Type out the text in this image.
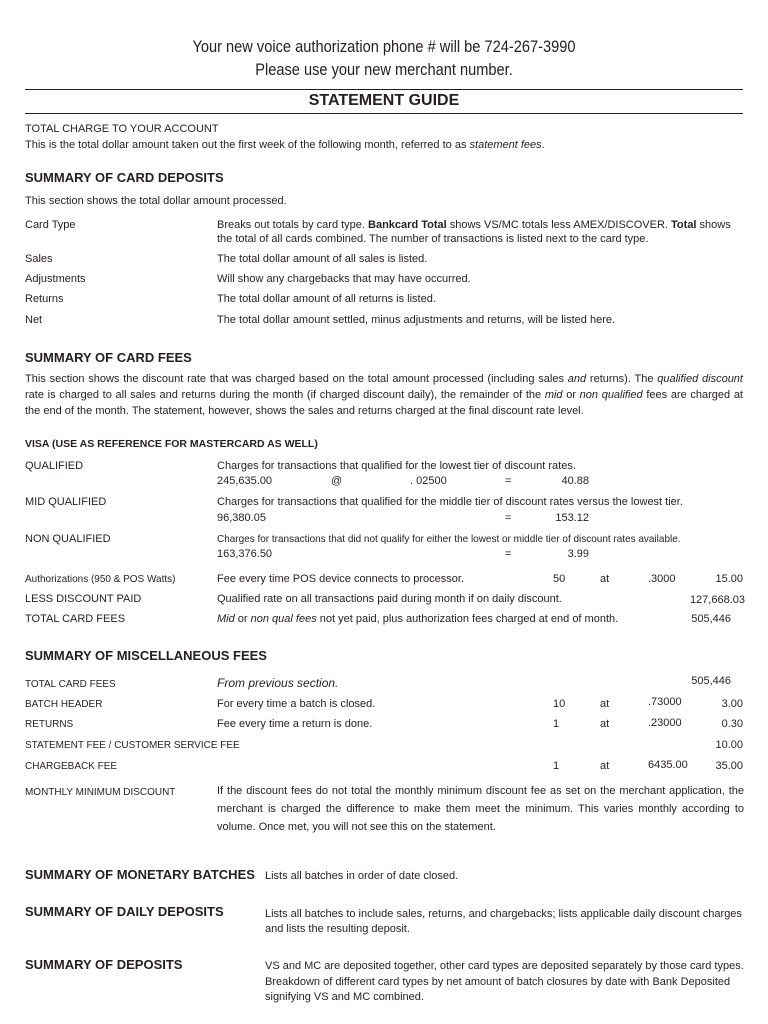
Your new voice authorization phone # will be 724-267-3990
Please use your new merchant number.
STATEMENT GUIDE
TOTAL CHARGE TO YOUR ACCOUNT
This is the total dollar amount taken out the first week of the following month, referred to as statement fees.
SUMMARY OF CARD DEPOSITS
This section shows the total dollar amount processed.
Card Type	Breaks out totals by card type. Bankcard Total shows VS/MC totals less AMEX/DISCOVER. Total shows
the total of all cards combined. The number of transactions is listed next to the card type.
Sales	The total dollar amount of all sales is listed.
Adjustments	Will show any chargebacks that may have occurred.
Returns	The total dollar amount of all returns is listed.
Net	The total dollar amount settled, minus adjustments and returns, will be listed here.
SUMMARY OF CARD FEES
This section shows the discount rate that was charged based on the total amount processed (including sales and returns). The qualified discount rate is charged to all sales and returns during the month (if charged discount daily), the remainder of the mid or non qualified fees are charged at the end of the month. The statement, however, shows the sales and returns charged at the final discount rate level.
VISA (USE AS REFERENCE FOR MASTERCARD AS WELL)
QUALIFIED	Charges for transactions that qualified for the lowest tier of discount rates.
245,635.00	@	. 02500	=	40.88
MID QUALIFIED	Charges for transactions that qualified for the middle tier of discount rates versus the lowest tier.
96,380.05	=	153.12
NON QUALIFIED	Charges for transactions that did not qualify for either the lowest or middle tier of discount rates available.
163,376.50	=	3.99
Authorizations (950 & POS Watts)	Fee every time POS device connects to processor.	50	at	.3000	15.00
LESS DISCOUNT PAID	Qualified rate on all transactions paid during month if on daily discount.	127,668.03
TOTAL CARD FEES	Mid or non qual fees not yet paid, plus authorization fees charged at end of month.	505,446
SUMMARY OF MISCELLANEOUS FEES
TOTAL CARD FEES	From previous section.	505,446
BATCH HEADER	For every time a batch is closed.	10	at	.73000	3.00
RETURNS	Fee every time a return is done.	1	at	.23000	0.30
STATEMENT FEE / CUSTOMER SERVICE FEE	10.00
CHARGEBACK FEE	1	at	6435.00	35.00
MONTHLY MINIMUM DISCOUNT	If the discount fees do not total the monthly minimum discount fee as set on the merchant application, the merchant is charged the difference to make them meet the minimum. This varies monthly according to volume. Once met, you will not see this on the statement.
SUMMARY OF MONETARY BATCHES Lists all batches in order of date closed.
SUMMARY OF DAILY DEPOSITS	Lists all batches to include sales, returns, and chargebacks; lists applicable daily discount charges and lists the resulting deposit.
SUMMARY OF DEPOSITS	VS and MC are deposited together, other card types are deposited separately by those card types. Breakdown of different card types by net amount of batch closures by date with Bank Deposited signifying VS and MC combined.
